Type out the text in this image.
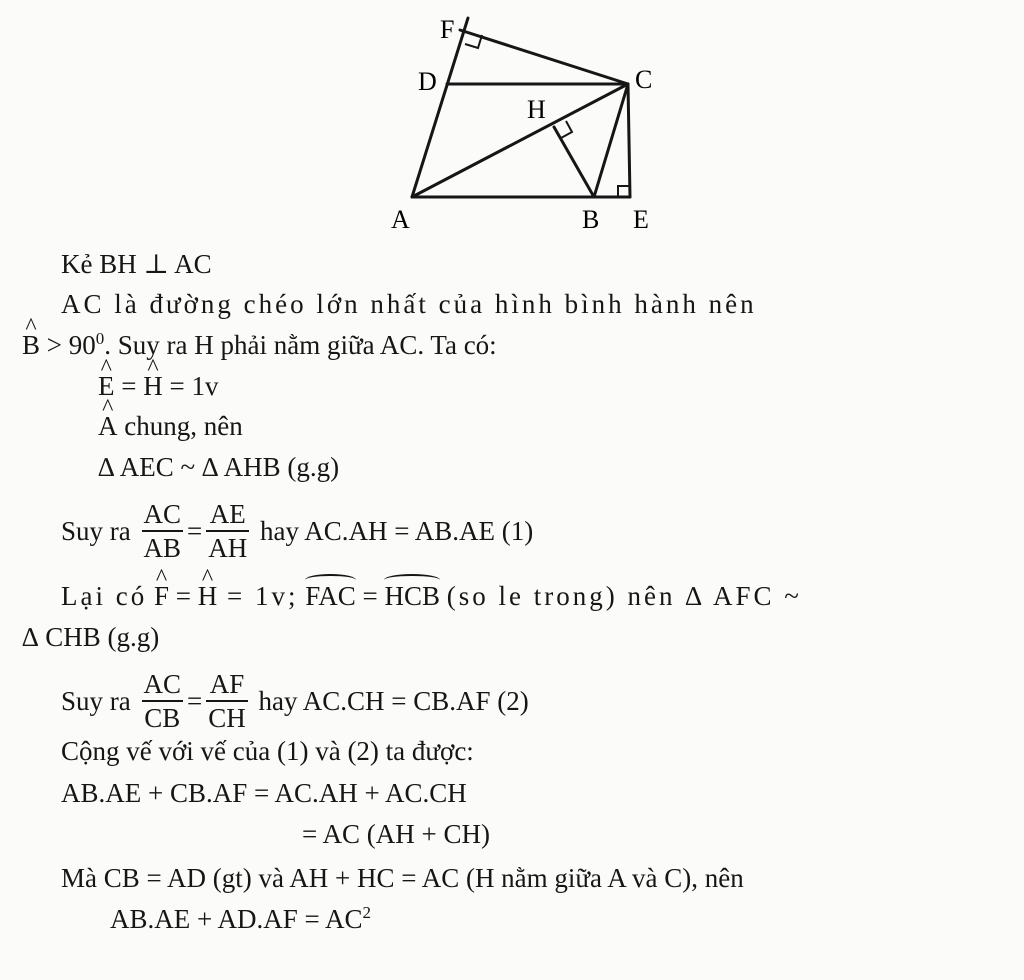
F
D	C
H
A	B E
Kẻ BH ⊥ AC
AC là đường chéo lớn nhất của hình bình hành nên
^ $B > 90^0$. Suy ra H phải nằm giữa AC. Ta có:
^ E = ^ H = 1v
^ A chung, nên
∆ AEC ~ ∆ AHB (g.g)
Suy ra $\frac{AC}{AB} = \frac{AE}{AH}$ hay AC.AH = AB.AE (1)
Lại có ^ F = ^ H = 1v; FAC = HCB (so le trong) nên ∆ AFC ~
∆ CHB (g.g)
Suy ra $\frac{AC}{CB} = \frac{AF}{CH}$ hay AC.CH = CB.AF (2)
Cộng vế với vế của (1) và (2) ta được:
AB.AE + CB.AF = AC.AH + AC.CH
= AC (AH + CH)
Mà CB = AD (gt) và AH + HC = AC (H nằm giữa A và C), nên
$AB.AE + AD.AF = AC^2$
